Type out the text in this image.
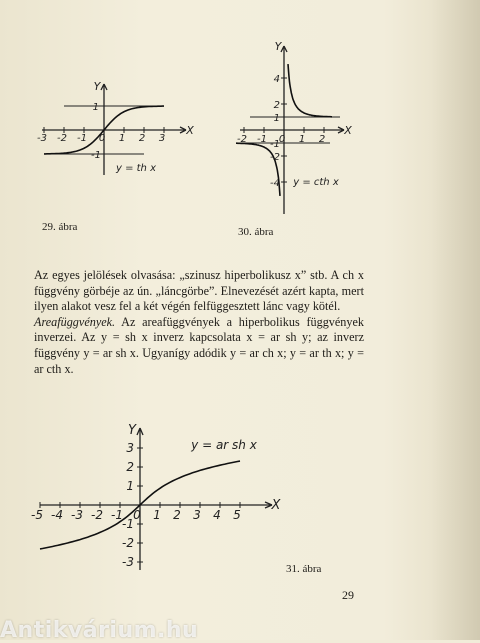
-3 -2 -1 0 1 2 3
1
-1
X
Y
y = th x
29. ábra
-2 -1 0 1 2
4
2
1
-1
-2
-4
X
Y
y = cth x
30. ábra

Az egyes jelölések olvasása: „szinusz hiperbolikusz x” stb. A ch x függvény görbéje az ún. „láncgörbe”. Elnevezését azért kapta, mert ilyen alakot vesz fel a két végén felfüggesztett lánc vagy kötél.

Areafüggvények. Az areafüggvények a hiperbolikus függvények inverzei. Az y = sh x inverz kapcsolata x = ar sh y; az inverz függvény y = ar sh x. Ugyanígy adódik y = ar ch x; y = ar th x; y = ar cth x.

-5 -4 -3 -2 -1 0 1 2 3 4 5
3
2
1
-1
-2
-3
X
Y
y = ar sh x
31. ábra
29
Antikvárium.hu
